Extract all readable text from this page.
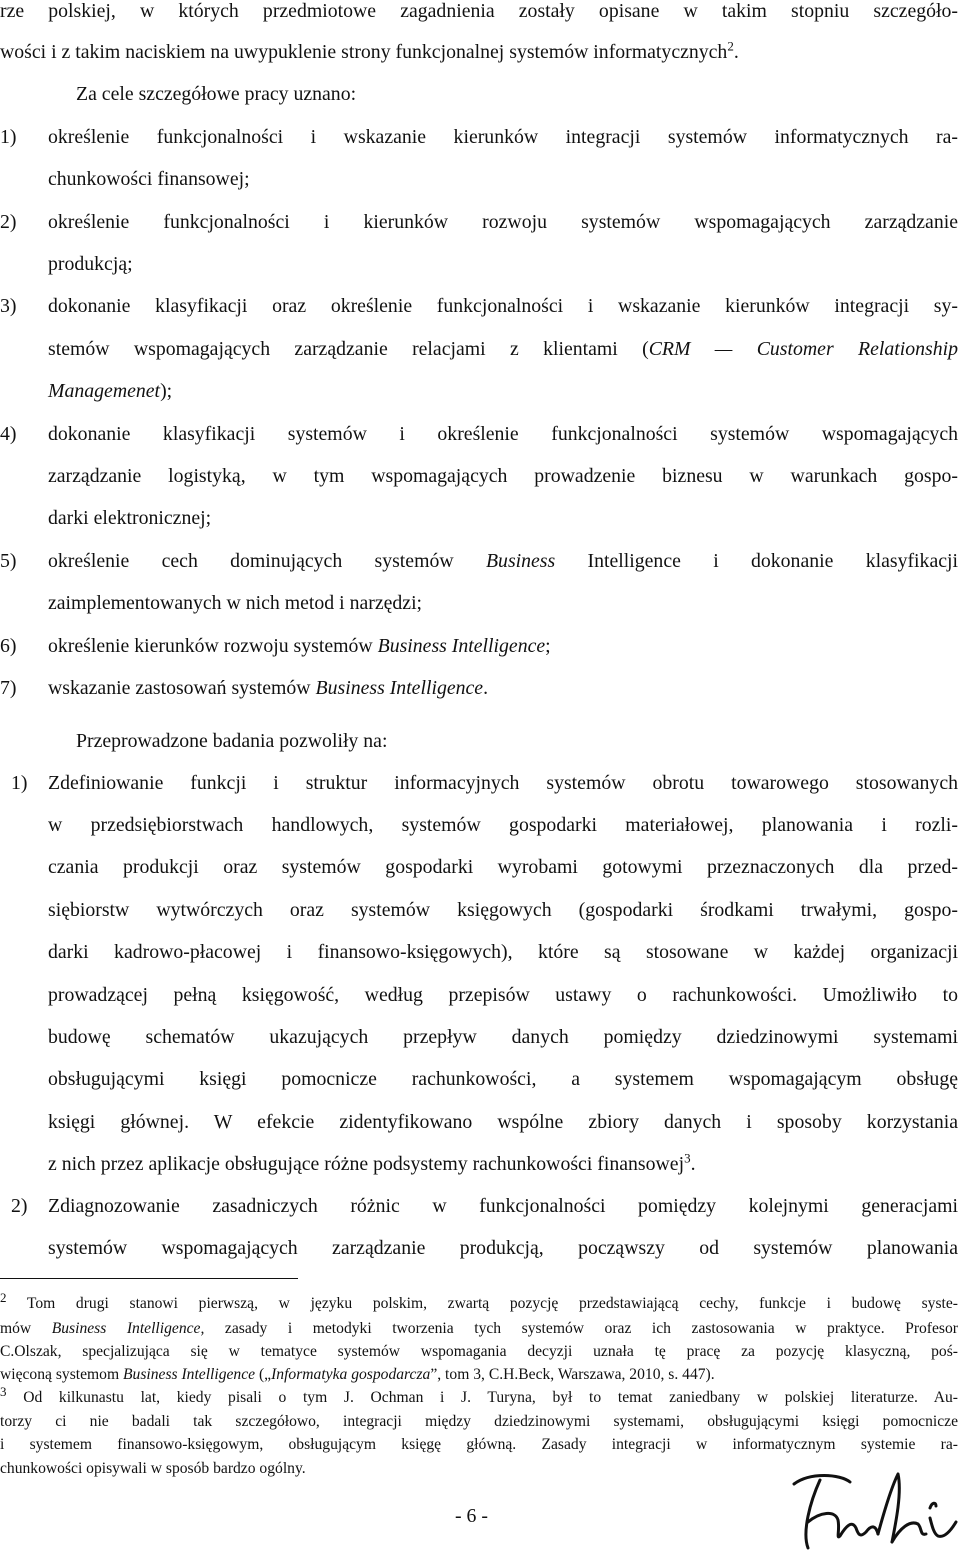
rze polskiej, w których przedmiotowe zagadnienia zostały opisane w takim stopniu szczegóło-
wości i z takim naciskiem na uwypuklenie strony funkcjonalnej systemów informatycznych$^2$.
Za cele szczegółowe pracy uznano:
1) określenie funkcjonalności i wskazanie kierunków integracji systemów informatycznych ra-
chunkowości finansowej;
2) określenie funkcjonalności i kierunków rozwoju systemów wspomagających zarządzanie
produkcją;
3) dokonanie klasyfikacji oraz określenie funkcjonalności i wskazanie kierunków integracji sy-
stemów wspomagających zarządzanie relacjami z klientami (CRM — Customer Relationship
Managemenet);
4) dokonanie klasyfikacji systemów i określenie funkcjonalności systemów wspomagających
zarządzanie logistyką, w tym wspomagających prowadzenie biznesu w warunkach gospo-
darki elektronicznej;
5) określenie cech dominujących systemów Business Intelligence i dokonanie klasyfikacji
zaimplementowanych w nich metod i narzędzi;
6) określenie kierunków rozwoju systemów Business Intelligence;
7) wskazanie zastosowań systemów Business Intelligence.
Przeprowadzone badania pozwoliły na:
1) Zdefiniowanie funkcji i struktur informacyjnych systemów obrotu towarowego stosowanych
w przedsiębiorstwach handlowych, systemów gospodarki materiałowej, planowania i rozli-
czania produkcji oraz systemów gospodarki wyrobami gotowymi przeznaczonych dla przed-
siębiorstw wytwórczych oraz systemów księgowych (gospodarki środkami trwałymi, gospo-
darki kadrowo-płacowej i finansowo-księgowych), które są stosowane w każdej organizacji
prowadzącej pełną księgowość, według przepisów ustawy o rachunkowości. Umożliwiło to
budowę schematów ukazujących przepływ danych pomiędzy dziedzinowymi systemami
obsługującymi księgi pomocnicze rachunkowości, a systemem wspomagającym obsługę
księgi głównej. W efekcie zidentyfikowano wspólne zbiory danych i sposoby korzystania
z nich przez aplikacje obsługujące różne podsystemy rachunkowości finansowej$^3$.
2) Zdiagnozowanie zasadniczych różnic w funkcjonalności pomiędzy kolejnymi generacjami
systemów wspomagających zarządzanie produkcją, począwszy od systemów planowania
$^2$ Tom drugi stanowi pierwszą, w języku polskim, zwartą pozycję przedstawiającą cechy, funkcje i budowę syste-
mów Business Intelligence, zasady i metodyki tworzenia tych systemów oraz ich zastosowania w praktyce. Profesor
C.Olszak, specjalizująca się w tematyce systemów wspomagania decyzji uznała tę pracę za pozycję klasyczną, poś-
więconą systemom Business Intelligence („Informatyka gospodarcza”, tom 3, C.H.Beck, Warszawa, 2010, s. 447).
$^3$ Od kilkunastu lat, kiedy pisali o tym J. Ochman i J. Turyna, był to temat zaniedbany w polskiej literaturze. Au-
torzy ci nie badali tak szczegółowo, integracji między dziedzinowymi systemami, obsługującymi księgi pomocnicze
i systemem finansowo-księgowym, obsługującym księgę główną. Zasady integracji w informatycznym systemie ra-
chunkowości opisywali w sposób bardzo ogólny.
- 6 -
